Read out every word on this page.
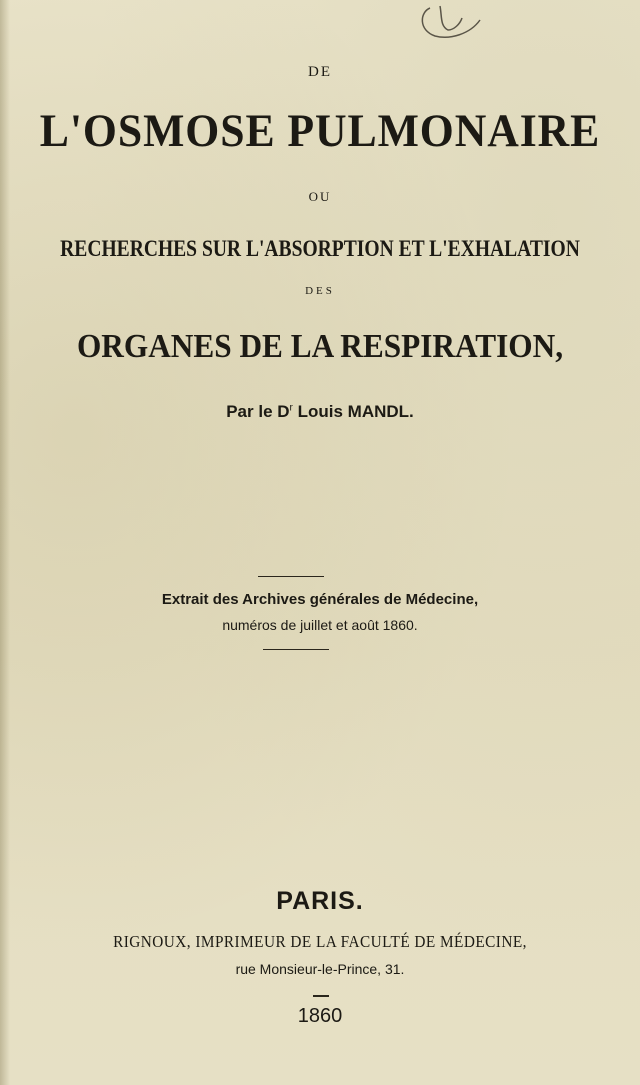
DE
L'OSMOSE PULMONAIRE
OU
RECHERCHES SUR L'ABSORPTION ET L'EXHALATION
DES
ORGANES DE LA RESPIRATION,
Par le $D^r$ Louis MANDL.
Extrait des Archives générales de Médecine,
numéros de juillet et août 1860.
PARIS.
RIGNOUX, IMPRIMEUR DE LA FACULTÉ DE MÉDECINE,
rue Monsieur-le-Prince, 31.
1860
